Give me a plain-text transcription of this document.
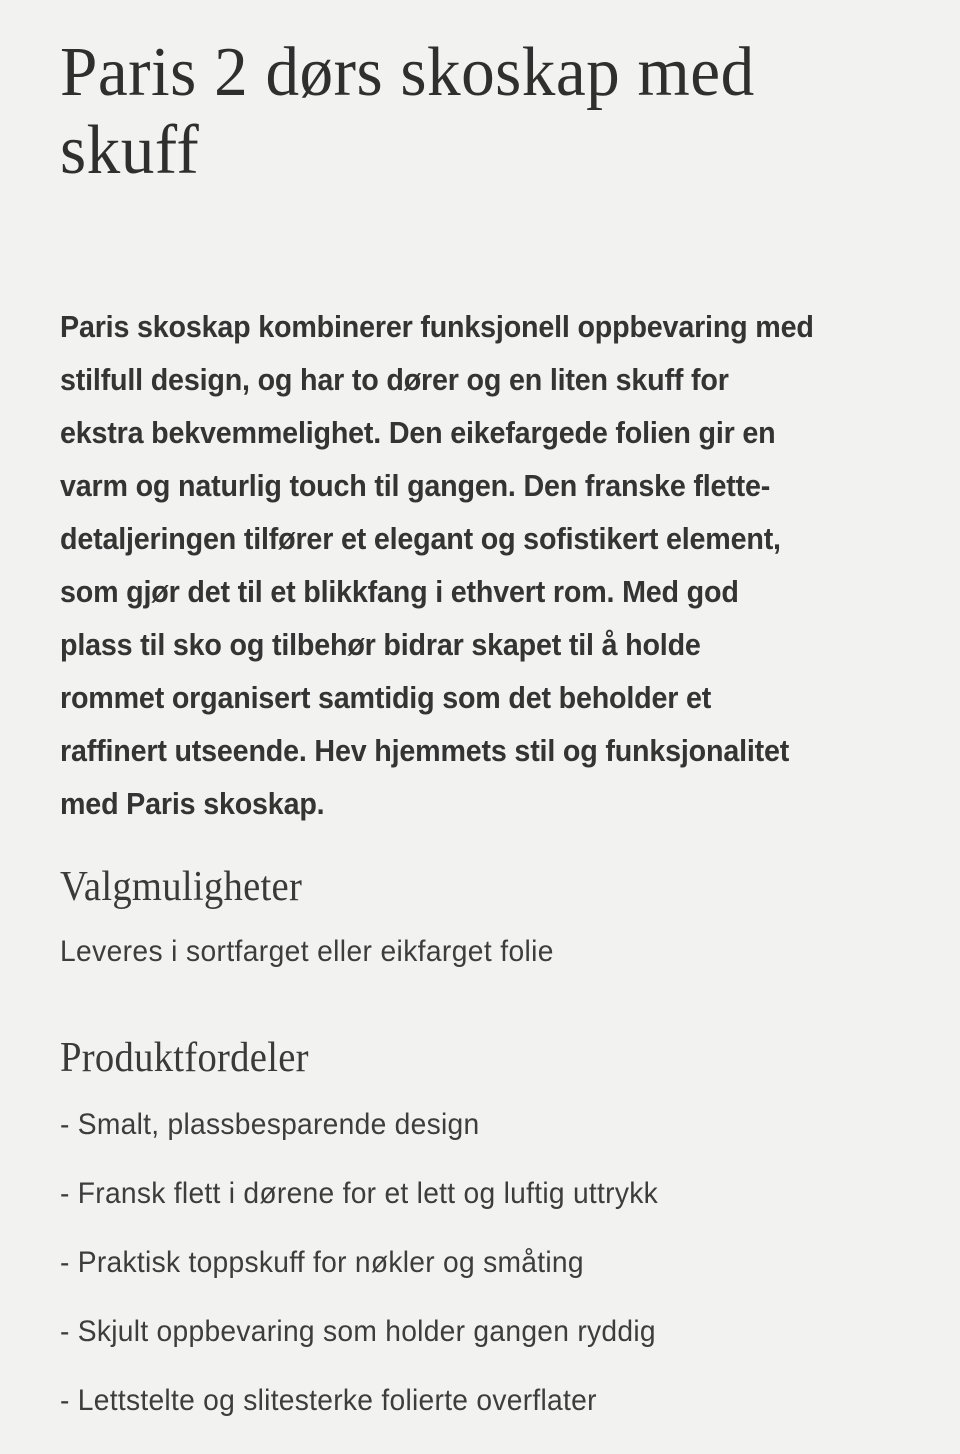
Paris 2 dørs skoskap med
skuff

Paris skoskap kombinerer funksjonell oppbevaring med
stilfull design, og har to dører og en liten skuff for
ekstra bekvemmelighet. Den eikefargede folien gir en
varm og naturlig touch til gangen. Den franske flette-
detaljeringen tilfører et elegant og sofistikert element,
som gjør det til et blikkfang i ethvert rom. Med god
plass til sko og tilbehør bidrar skapet til å holde
rommet organisert samtidig som det beholder et
raffinert utseende. Hev hjemmets stil og funksjonalitet
med Paris skoskap.

Valgmuligheter

Leveres i sortfarget eller eikfarget folie

Produktfordeler
- Smalt, plassbesparende design
- Fransk flett i dørene for et lett og luftig uttrykk
- Praktisk toppskuff for nøkler og småting
- Skjult oppbevaring som holder gangen ryddig
- Lettstelte og slitesterke folierte overflater
